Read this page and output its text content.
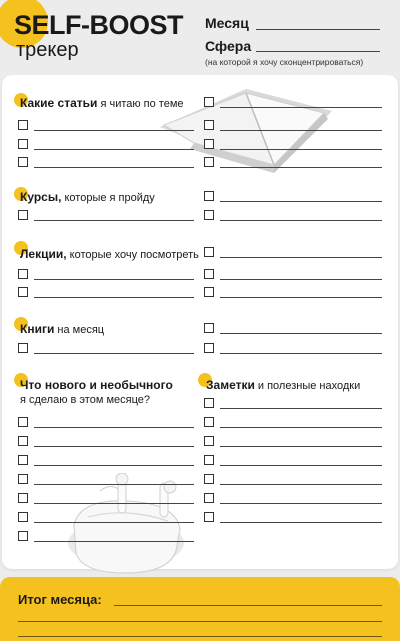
SELF-BOOST
трекер
Месяц
Сфера
(на которой я хочу сконцентрироваться)
Какие статьи я читаю по теме
Курсы, которые я пройду
Лекции, которые хочу посмотреть
Книги на месяц
Что нового и необычного
я сделаю в этом месяце?
Заметки и полезные находки
Итог месяца:
